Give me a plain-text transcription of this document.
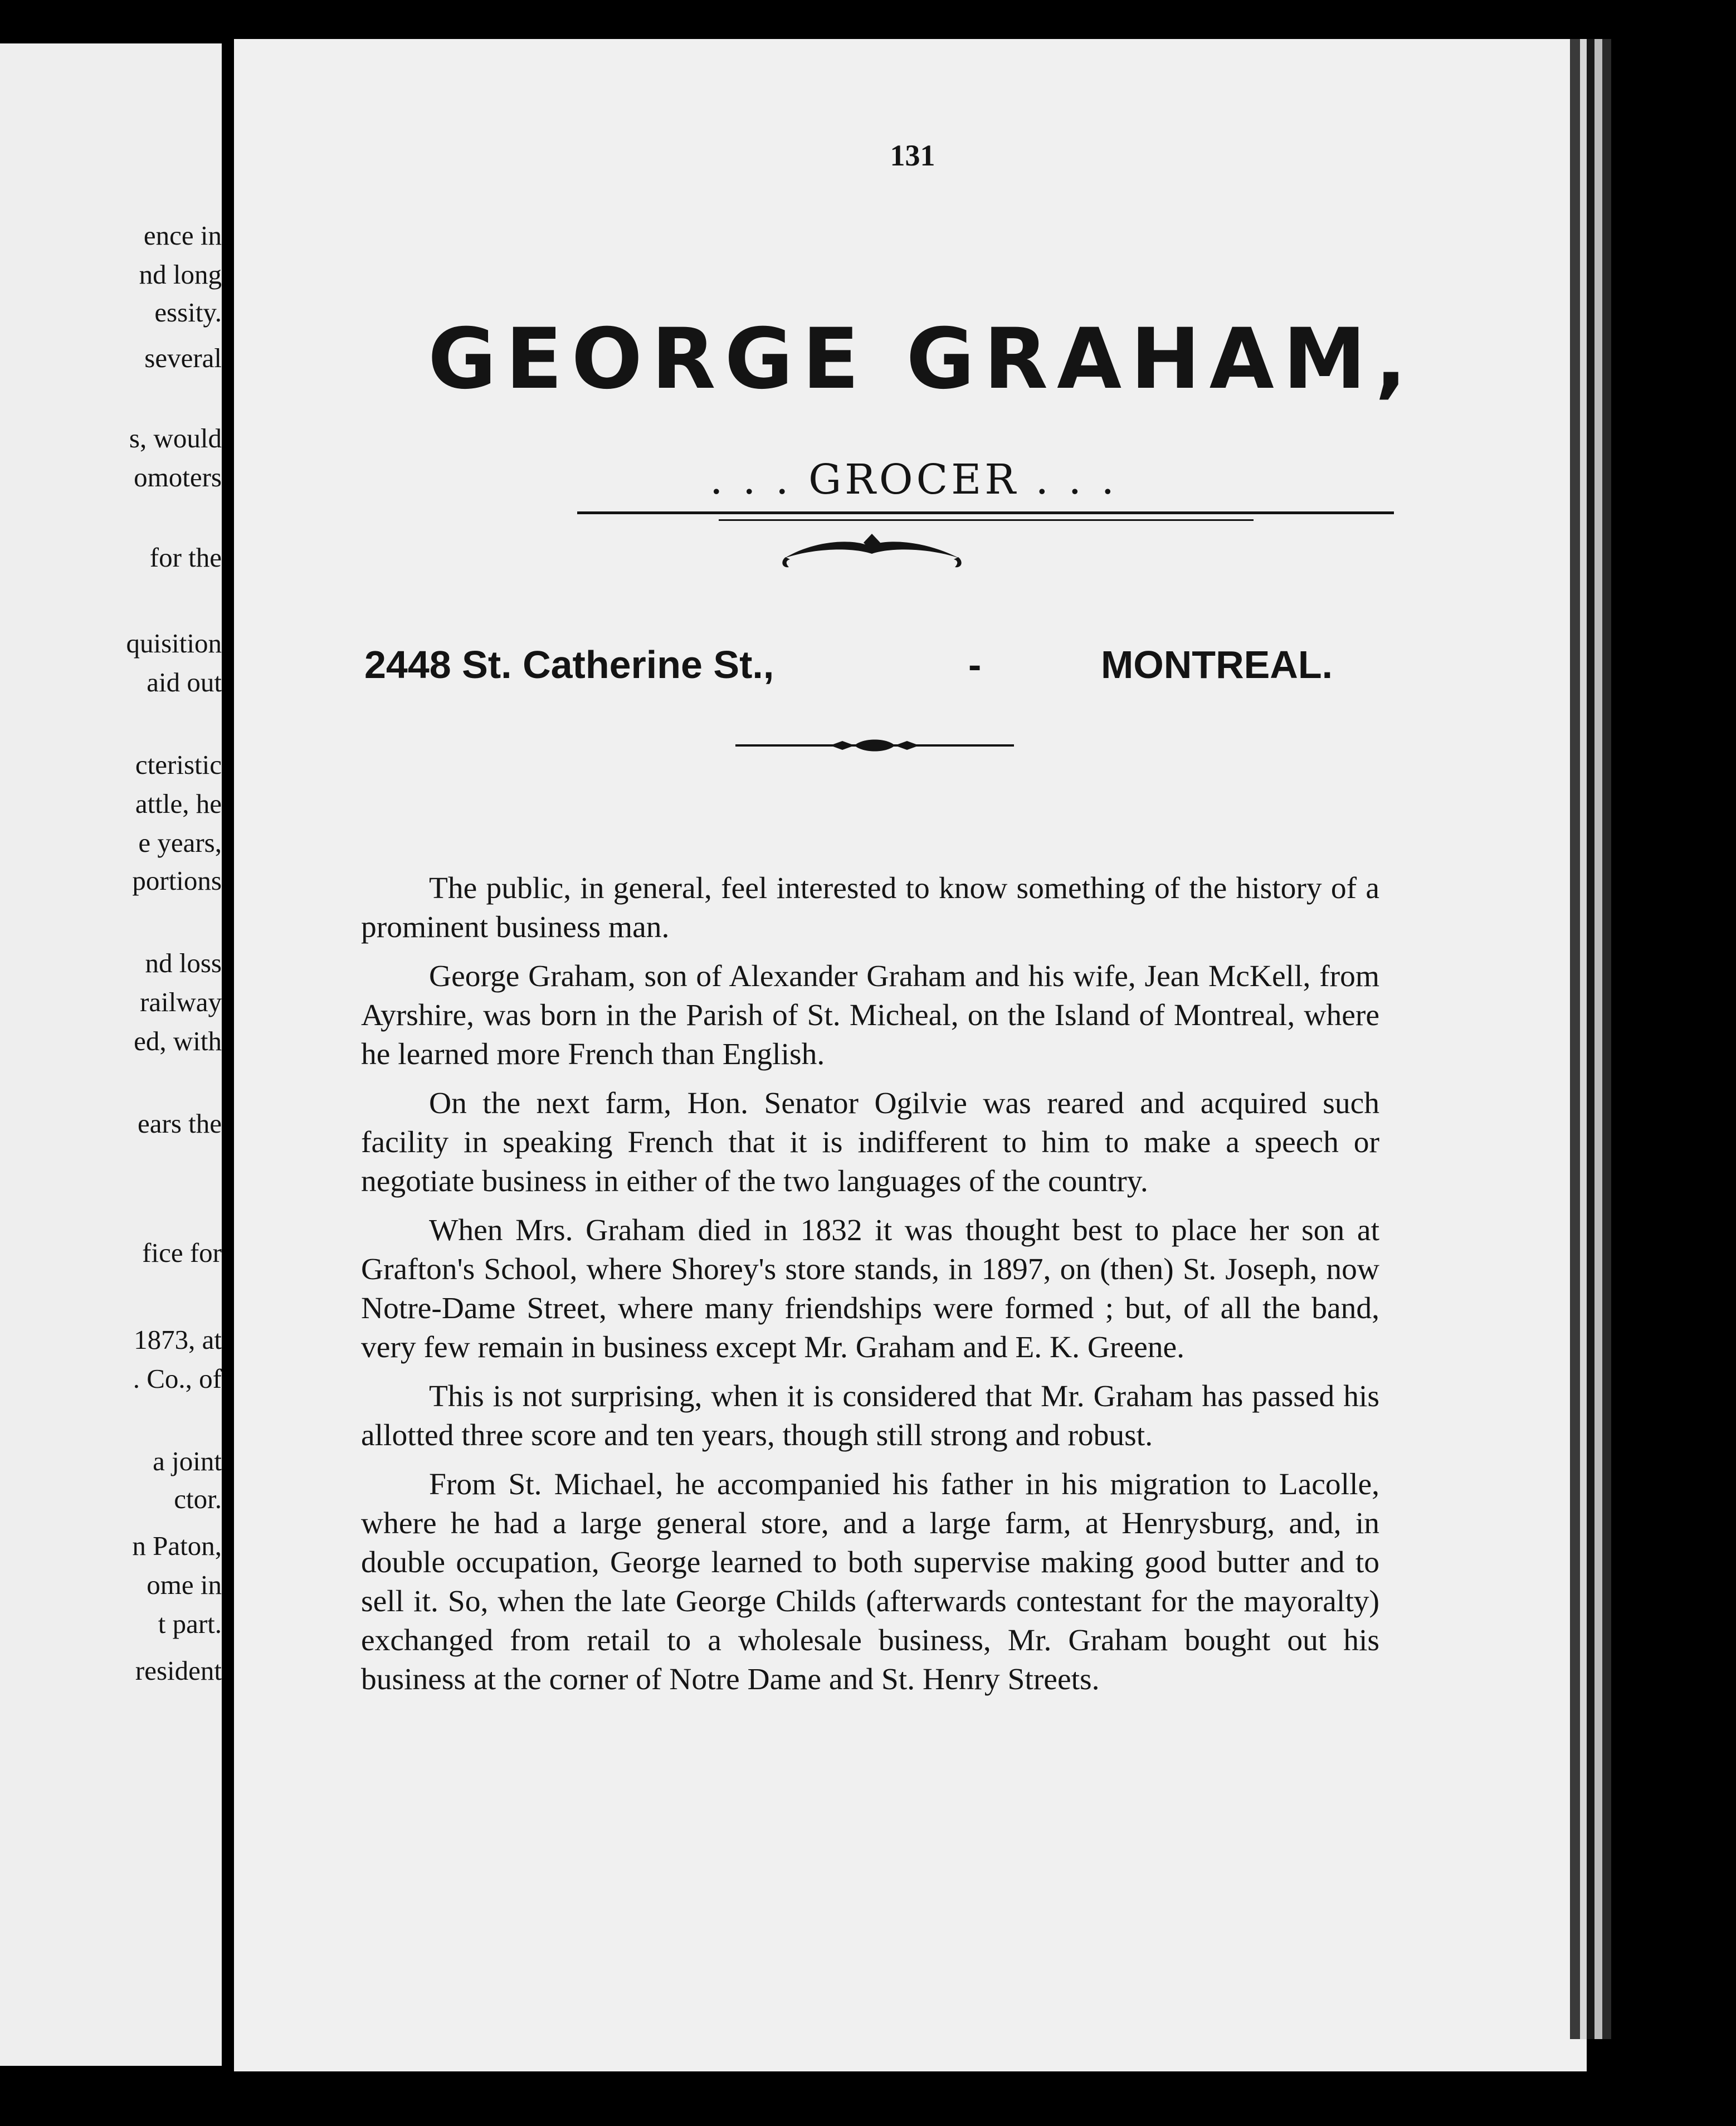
ence in

nd long

essity.

several

s, would

omoters

for the

quisition

aid out

cteristic

attle, he

e years,

portions

nd loss

railway

ed, with

ears the

fice for

1873, at

. Co., of

a joint

ctor.

n Paton,

ome in

t part.

resident

131
GEORGE GRAHAM,
. . . GROCER . . .
2448 St. Catherine St.,	-	MONTREAL.

The public, in general, feel interested to know something of the history of a prominent business man.

George Graham, son of Alexander Graham and his wife, Jean McKell, from Ayrshire, was born in the Parish of St. Micheal, on the Island of Montreal, where he learned more French than English.

On the next farm, Hon. Senator Ogilvie was reared and acquired such facility in speaking French that it is indifferent to him to make a speech or negotiate business in either of the two languages of the country.

When Mrs. Graham died in 1832 it was thought best to place her son at Grafton's School, where Shorey's store stands, in 1897, on (then) St. Joseph, now Notre-Dame Street, where many friendships were formed ; but, of all the band, very few remain in business except Mr. Graham and E. K. Greene.

This is not surprising, when it is considered that Mr. Graham has passed his allotted three score and ten years, though still strong and robust.

From St. Michael, he accompanied his father in his migration to Lacolle, where he had a large general store, and a large farm, at Henrysburg, and, in double occupation, George learned to both supervise making good butter and to sell it. So, when the late George Childs (afterwards contestant for the mayoralty) exchanged from retail to a wholesale business, Mr. Graham bought out his business at the corner of Notre Dame and St. Henry Streets.
